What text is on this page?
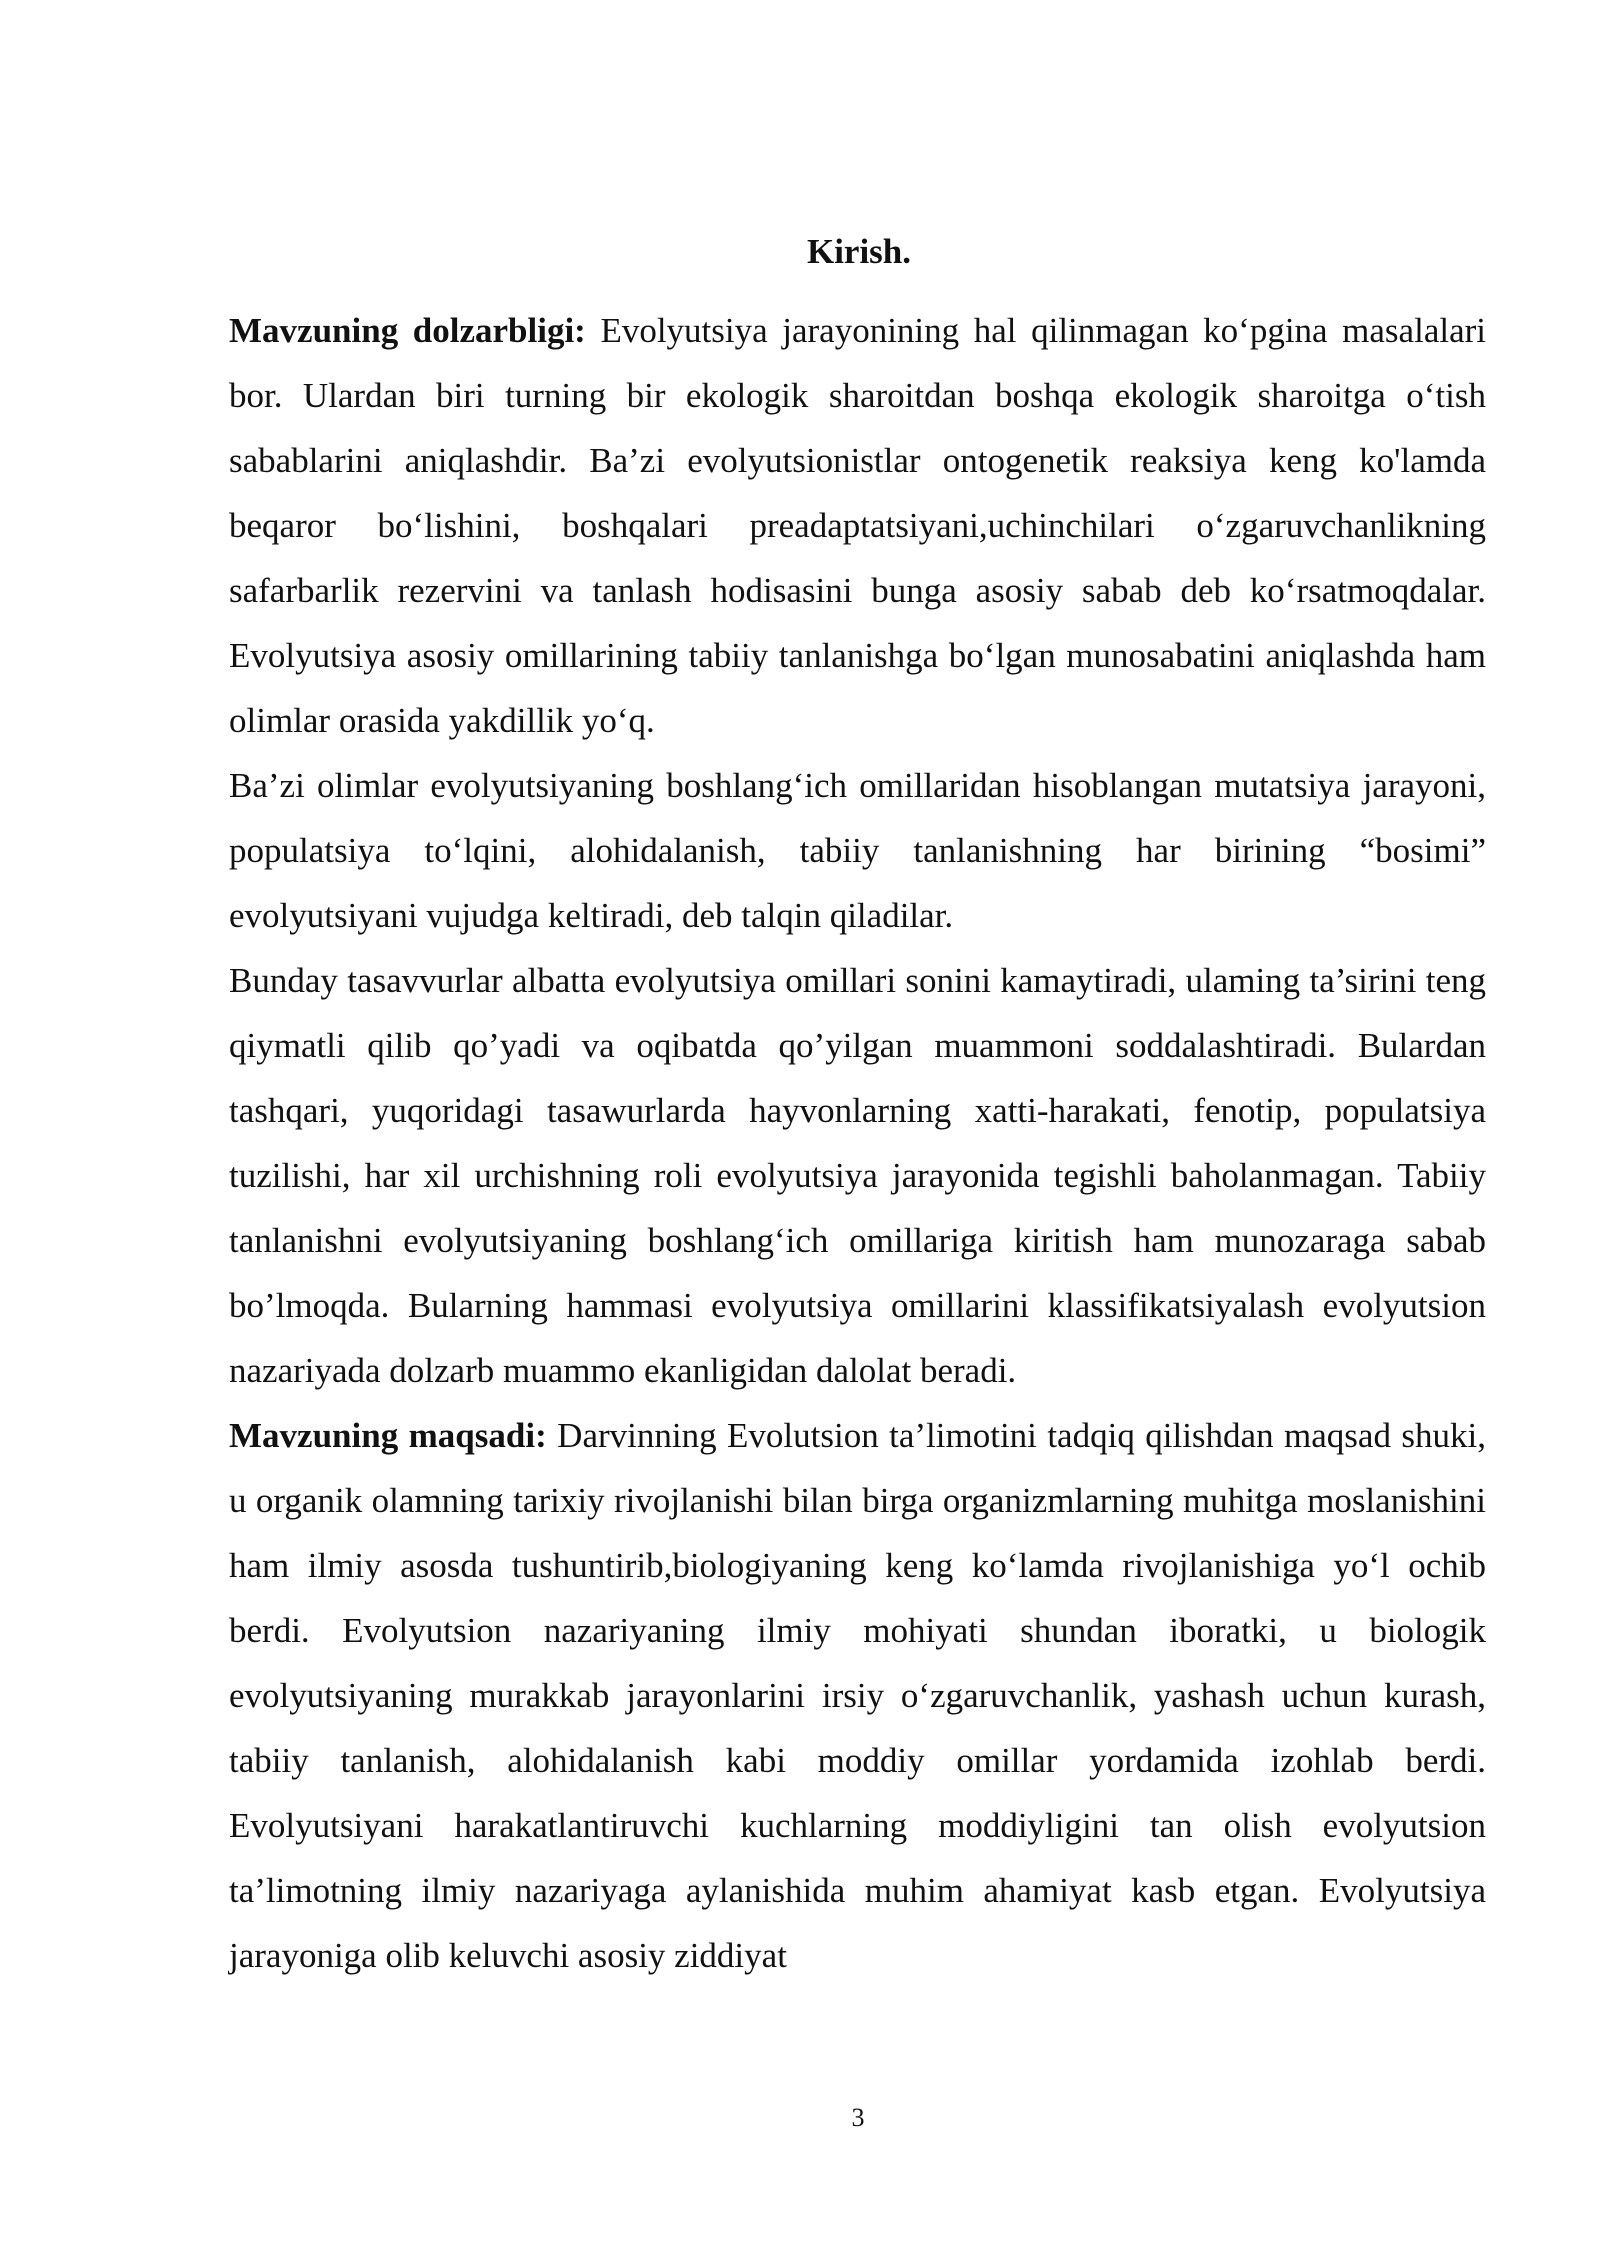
Kirish.

Mavzuning dolzarbligi: Evolyutsiya jarayonining hal qilinmagan ko‘pgina masalalari bor. Ulardan biri turning bir ekologik sharoitdan boshqa ekologik sharoitga o‘tish sabablarini aniqlashdir. Ba’zi evolyutsionistlar ontogenetik reaksiya keng ko'lamda beqaror bo‘lishini, boshqalari preadaptatsiyani,uchinchilari o‘zgaruvchanlikning safarbarlik rezervini va tanlash hodisasini bunga asosiy sabab deb ko‘rsatmoqdalar. Evolyutsiya asosiy omillarining tabiiy tanlanishga bo‘lgan munosabatini aniqlashda ham olimlar orasida yakdillik yo‘q.

Ba’zi olimlar evolyutsiyaning boshlang‘ich omillaridan hisoblangan mutatsiya jarayoni, populatsiya to‘lqini, alohidalanish, tabiiy tanlanishning har birining “bosimi” evolyutsiyani vujudga keltiradi, deb talqin qiladilar.

Bunday tasavvurlar albatta evolyutsiya omillari sonini kamaytiradi, ulaming ta’sirini teng qiymatli qilib qo’yadi va oqibatda qo’yilgan muammoni soddalashtiradi. Bulardan tashqari, yuqoridagi tasawurlarda hayvonlarning xatti-harakati, fenotip, populatsiya tuzilishi, har xil urchishning roli evolyutsiya jarayonida tegishli baholanmagan. Tabiiy tanlanishni evolyutsiyaning boshlang‘ich omillariga kiritish ham munozaraga sabab bo’lmoqda. Bularning hammasi evolyutsiya omillarini klassifikatsiyalash evolyutsion nazariyada dolzarb muammo ekanligidan dalolat beradi.

Mavzuning maqsadi: Darvinning Evolutsion ta’limotini tadqiq qilishdan maqsad shuki, u organik olamning tarixiy rivojlanishi bilan birga organizmlarning muhitga moslanishini ham ilmiy asosda tushuntirib,biologiyaning keng ko‘lamda rivojlanishiga yo‘l ochib berdi. Evolyutsion nazariyaning ilmiy mohiyati shundan iboratki, u biologik evolyutsiyaning murakkab jarayonlarini irsiy o‘zgaruvchanlik, yashash uchun kurash, tabiiy tanlanish, alohidalanish kabi moddiy omillar yordamida izohlab berdi. Evolyutsiyani harakatlantiruvchi kuchlarning moddiyligini tan olish evolyutsion ta’limotning ilmiy nazariyaga aylanishida muhim ahamiyat kasb etgan. Evolyutsiya jarayoniga olib keluvchi asosiy ziddiyat

3
